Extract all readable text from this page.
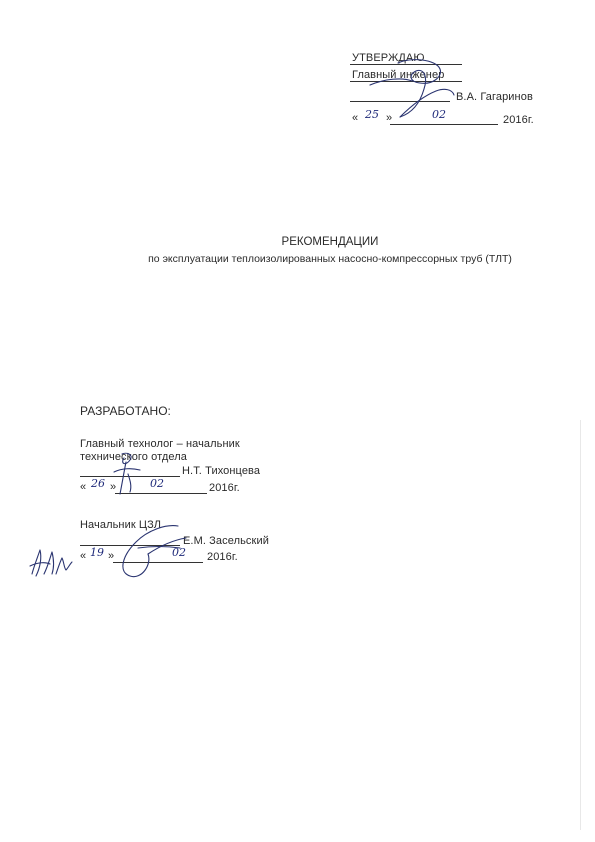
УТВЕРЖДАЮ
Главный инженер
В.А. Гагаринов
« 25 »	02	2016г.
РЕКОМЕНДАЦИИ
по эксплуатации теплоизолированных насосно-компрессорных труб (ТЛТ)
РАЗРАБОТАНО:
Главный технолог – начальник
технического отдела
Н.Т. Тихонцева
« 26 »	02	2016г.
Начальник ЦЗЛ
Е.М. Засельский
« 19 »	02 2016г.
